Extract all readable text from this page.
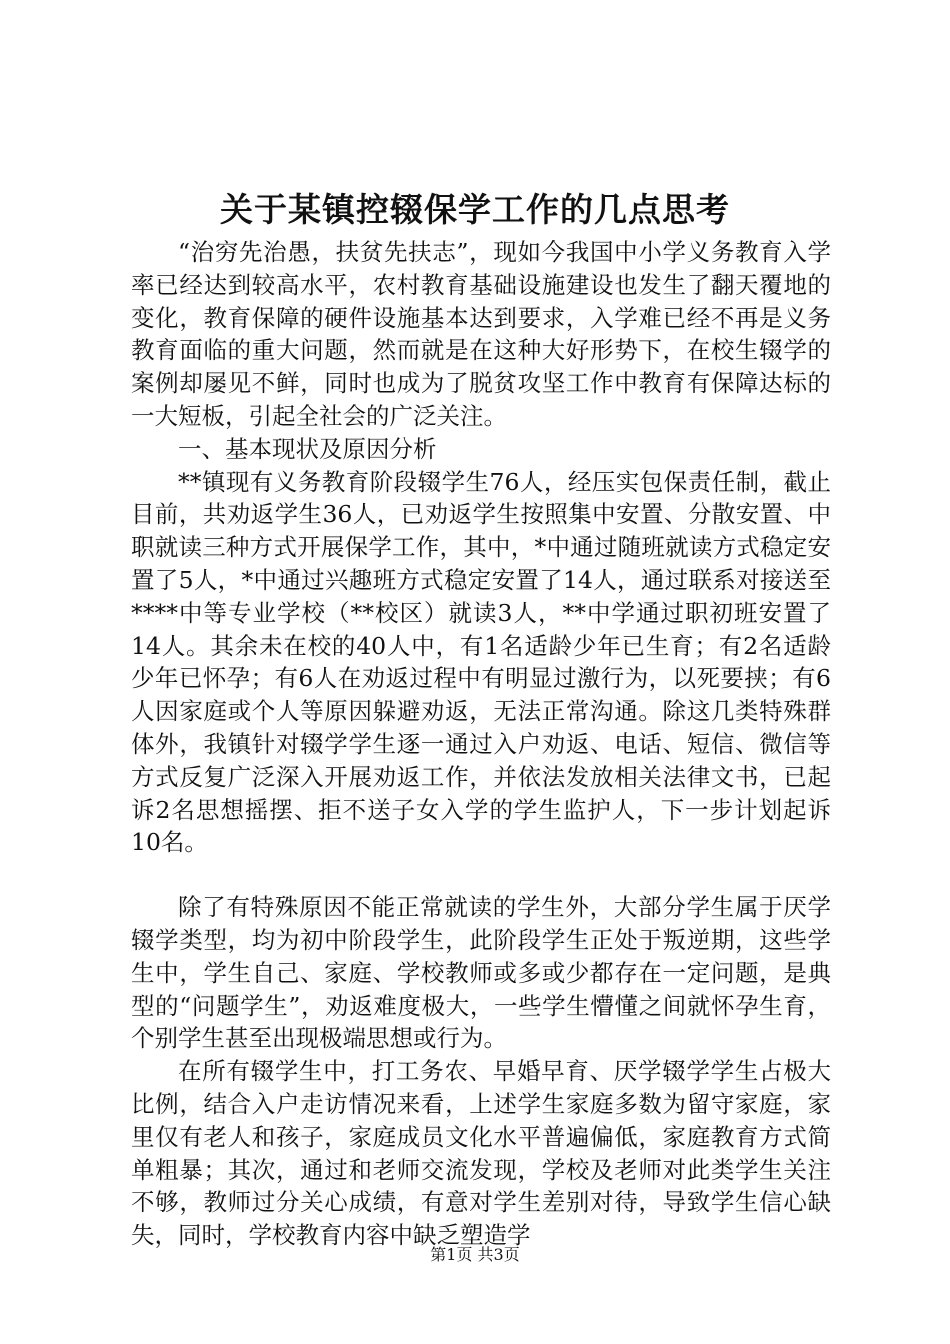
关于某镇控辍保学工作的几点思考

“治穷先治愚，扶贫先扶志”，现如今我国中小学义务教育入学率已经达到较高水平，农村教育基础设施建设也发生了翻天覆地的变化，教育保障的硬件设施基本达到要求，入学难已经不再是义务教育面临的重大问题，然而就是在这种大好形势下，在校生辍学的案例却屡见不鲜，同时也成为了脱贫攻坚工作中教育有保障达标的一大短板，引起全社会的广泛关注。

一、基本现状及原因分析

**镇现有义务教育阶段辍学生76人，经压实包保责任制，截止目前，共劝返学生36人，已劝返学生按照集中安置、分散安置、中职就读三种方式开展保学工作，其中，*中通过随班就读方式稳定安置了5人，*中通过兴趣班方式稳定安置了14人，通过联系对接送至****中等专业学校（**校区）就读3人，**中学通过职初班安置了14人。其余未在校的40人中，有1名适龄少年已生育；有2名适龄少年已怀孕；有6人在劝返过程中有明显过激行为，以死要挟；有6人因家庭或个人等原因躲避劝返，无法正常沟通。除这几类特殊群体外，我镇针对辍学学生逐一通过入户劝返、电话、短信、微信等方式反复广泛深入开展劝返工作，并依法发放相关法律文书，已起诉2名思想摇摆、拒不送子女入学的学生监护人，下一步计划起诉10名。

除了有特殊原因不能正常就读的学生外，大部分学生属于厌学辍学类型，均为初中阶段学生，此阶段学生正处于叛逆期，这些学生中，学生自己、家庭、学校教师或多或少都存在一定问题，是典型的“问题学生”，劝返难度极大，一些学生懵懂之间就怀孕生育，个别学生甚至出现极端思想或行为。

在所有辍学生中，打工务农、早婚早育、厌学辍学学生占极大比例，结合入户走访情况来看，上述学生家庭多数为留守家庭，家里仅有老人和孩子，家庭成员文化水平普遍偏低，家庭教育方式简单粗暴；其次，通过和老师交流发现，学校及老师对此类学生关注不够，教师过分关心成绩，有意对学生差别对待，导致学生信心缺失，同时，学校教育内容中缺乏塑造学

第1页 共3页
